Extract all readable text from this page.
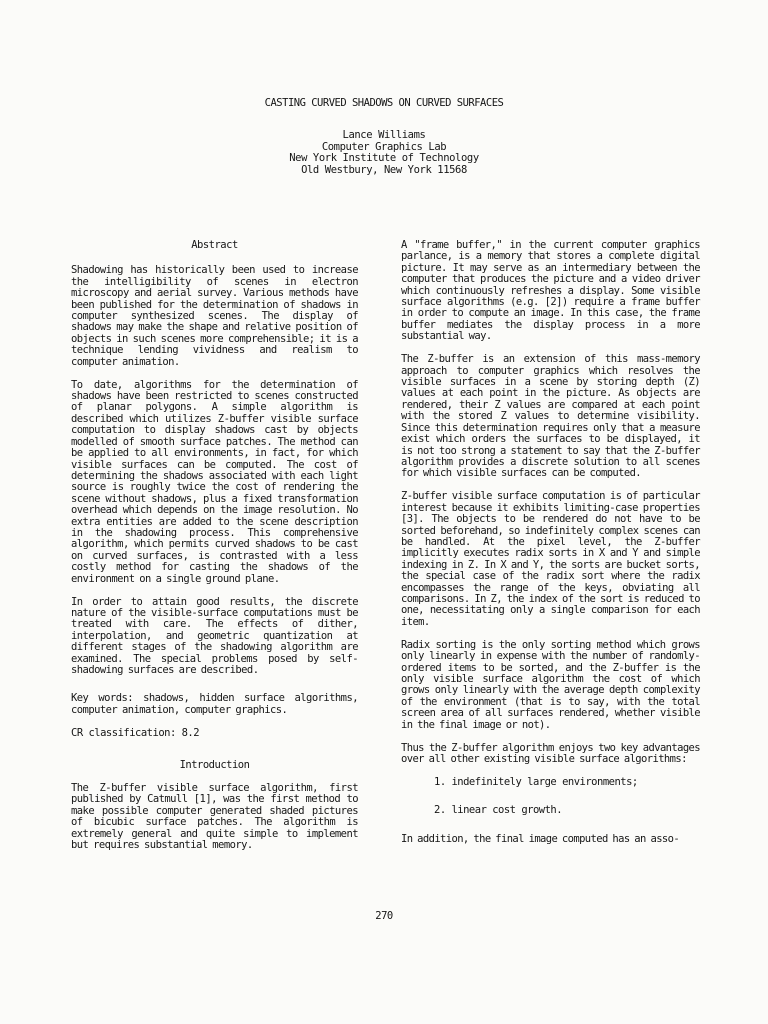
CASTING CURVED SHADOWS ON CURVED SURFACES
Lance Williams
Computer Graphics Lab
New York Institute of Technology
Old Westbury, New York 11568
Abstract

Shadowing has historically been used to increase the intelligibility of scenes in electron microscopy and aerial survey. Various methods have been published for the determination of shadows in computer synthesized scenes. The display of shadows may make the shape and relative position of objects in such scenes more comprehensible; it is a technique lending vividness and realism to computer animation.

To date, algorithms for the determination of shadows have been restricted to scenes constructed of planar polygons. A simple algorithm is described which utilizes Z-buffer visible surface computation to display shadows cast by objects modelled of smooth surface patches. The method can be applied to all environments, in fact, for which visible surfaces can be computed. The cost of determining the shadows associated with each light source is roughly twice the cost of rendering the scene without shadows, plus a fixed transformation overhead which depends on the image resolution. No extra entities are added to the scene description in the shadowing process. This comprehensive algorithm, which permits curved shadows to be cast on curved surfaces, is contrasted with a less costly method for casting the shadows of the environment on a single ground plane.

In order to attain good results, the discrete nature of the visible-surface computations must be treated with care. The effects of dither, interpolation, and geometric quantization at different stages of the shadowing algorithm are examined. The special problems posed by self-shadowing surfaces are described.

Key words: shadows, hidden surface algorithms, computer animation, computer graphics.

CR classification: 8.2
Introduction

The Z-buffer visible surface algorithm, first published by Catmull [1], was the first method to make possible computer generated shaded pictures of bicubic surface patches. The algorithm is extremely general and quite simple to implement but requires substantial memory.

A "frame buffer," in the current computer graphics parlance, is a memory that stores a complete digital picture. It may serve as an intermediary between the computer that produces the picture and a video driver which continuously refreshes a display. Some visible surface algorithms (e.g. [2]) require a frame buffer in order to compute an image. In this case, the frame buffer mediates the display process in a more substantial way.

The Z-buffer is an extension of this mass-memory approach to computer graphics which resolves the visible surfaces in a scene by storing depth (Z) values at each point in the picture. As objects are rendered, their Z values are compared at each point with the stored Z values to determine visibility. Since this determination requires only that a measure exist which orders the surfaces to be displayed, it is not too strong a statement to say that the Z-buffer algorithm provides a discrete solution to all scenes for which visible surfaces can be computed.

Z-buffer visible surface computation is of particular interest because it exhibits limiting-case properties [3]. The objects to be rendered do not have to be sorted beforehand, so indefinitely complex scenes can be handled. At the pixel level, the Z-buffer implicitly executes radix sorts in X and Y and simple indexing in Z. In X and Y, the sorts are bucket sorts, the special case of the radix sort where the radix encompasses the range of the keys, obviating all comparisons. In Z, the index of the sort is reduced to one, necessitating only a single comparison for each item.

Radix sorting is the only sorting method which grows only linearly in expense with the number of randomly-ordered items to be sorted, and the Z-buffer is the only visible surface algorithm the cost of which grows only linearly with the average depth complexity of the environment (that is to say, with the total screen area of all surfaces rendered, whether visible in the final image or not).

Thus the Z-buffer algorithm enjoys two key advantages over all other existing visible surface algorithms:

1. indefinitely large environments;
2. linear cost growth.

In addition, the final image computed has an asso-

270
